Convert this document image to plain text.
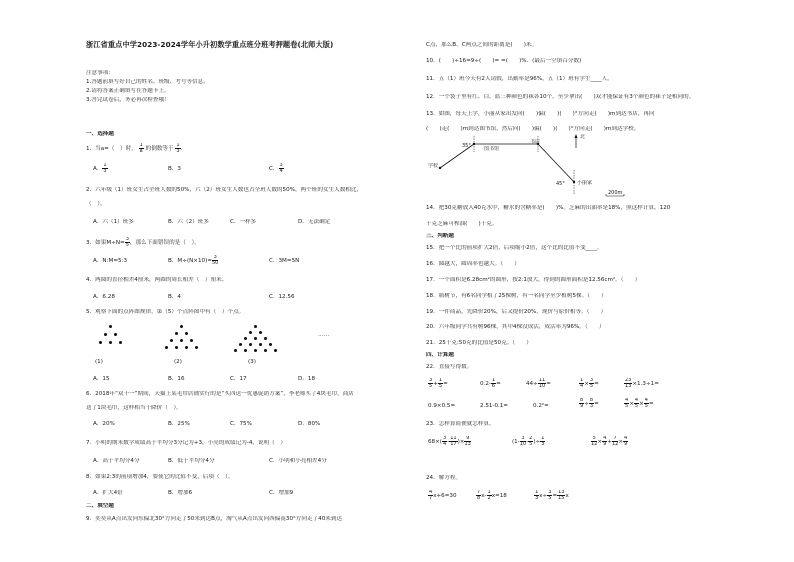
浙江省重点中学2023-2024学年小升初数学重点班分班考押题卷(北师大版)
注意事项:
1.答题前填写好自己的姓名、班级、考号等信息。
2.请将答案正确填写在答题卡上。
3.答完试卷后，务必再次检查哦！
一、选择题
1．当a=（　）时， $\frac{1}{a}$ 的倒数等于 $\frac{1}{3}$ .
A． $\frac{1}{3}$	B．3	C． $\frac{3}{4}$
2．六年级（1）班女生占全班人数的50%，六（2）班女生人数也占全班人数的50%，两个班的女生人数相比，
（　）。
A．六（1）班多	B．六（2）班多	C．一样多	D．无法确定
3．如果$M\div N= \frac{3}{5}$ ，那么下面错误的是（　）。
A．N:M=5:3	B．$M\div(N\times 10)= \frac{3}{50}$	C．3M=5N
4．两圆的直径相差4厘米，两圆的周长相差（　）厘米。
A．6.28	B．4	C．12.56
5．观察下面的点阵图规律，第（5）个点阵图中有（　）个点。
……
(1)	(2)	(3)
A．15	B．16	C．17	D．18
6．2018年“双十一”期间，天猫上某毛巾店铺实行的是“买四送一优惠促销方案”，李老师买了4块毛巾，商店
送了1块毛巾，这样相当于降价（　）。
A．20%	B．25%	C．75%	D．80%
7．小明的期末数学成绩高于平均分3分记为+3，小亮的成绩记为-4，说明（　）
A．高于平均分4分	B．低于平均分4分	C．小明和小亮相差4分
8．如果2:3的前项增加4，要使它的比值不变，后项（　）。
A．扩大4倍	B．增加6	C．增加9
二、填空题
9．奕奕从A点出发向东偏北30°方向走了50米到达B点，淘气从A点出发向西偏南30°方向走了40米到达
C点，那么B、C两点之间的距离是(　　)米。
10．(　　)÷16=9÷(　　)= =(　　)%．(最后一空填百分数)
11．五（1）班今天有2人请假，出勤率是96%，五（1）班有学生____人。
12．一个袋子里有红、白、蓝三种颜色的袜各10个，至少拿出(　　)双才能保证有3个颜色的袜子是相同的。
13．如图，每天上学，小丽从家出发向(　　)偏(　　)(　　)°方向走(　　)m到达书店，再向
(　　)走(　　)m到达图书馆，然后向(　　)偏(　　)(　　)°方向走(　　)m到达学校。
书店
图书馆
学校
小丽家
200m
35°
45°
北
14．把30克糖放入40克水中，糖水的含糖率是(　　)%。芝麻的出油率是18%，照这样计算，120
千克芝麻可榨油(　　)千克。
三、判断题
15．把一个比的前项扩大2倍，后项缩小2倍，这个比的比值不变____。
16．圆越大，圆周率也越大。（　　）
17．一个面积是6.28cm²的圆形，按2:1放大，得到的圆形面积是12.56cm²。（　　）
18．瓶树节，有6名同学植了25棵树，有一名同学至少植树5棵。（　　）
19．一件商品，先降价20%，后又提价20%，现价与原价相等。（　　）
20．六年级同学共有树96棵，其中4棵没成活，成活率为96%。（　　）
21．25千克:50克的比值是50克。（　　）
四、计算题
22．直接写得数。
$\frac{3}{5} + \frac{1}{5}$ =	$0.2- \frac{1}{6}$ =	$44\div \frac{11}{10}$ =	$\frac{1}{4} \times \frac{3}{5}$ =	$\frac{23}{13} \times 1.3\div 1=$
0.9×0.5=	2.51-0.1=	0.2²=	$\frac{8}{9} \div \frac{8}{3}$ =	$\frac{4}{5} \times \frac{4}{5} \times \frac{4}{5}$ =
23．怎样算简便就怎样算。
$68\times( \frac{3}{4} - \frac{11}{17}$ )× $\frac{9}{13}$	($1- \frac{3}{10} - \frac{2}{5}$ )÷ $\frac{1}{3}$	$\frac{5}{12} \times \frac{4}{9} + \frac{7}{12} \times \frac{4}{9}$
24．解方程。
$\frac{4}{7} x+6=30$	$\frac{7}{8} x- \frac{1}{2} x=18$	$\frac{1}{3} x\div \frac{3}{5} = \frac{13}{15}$ x
